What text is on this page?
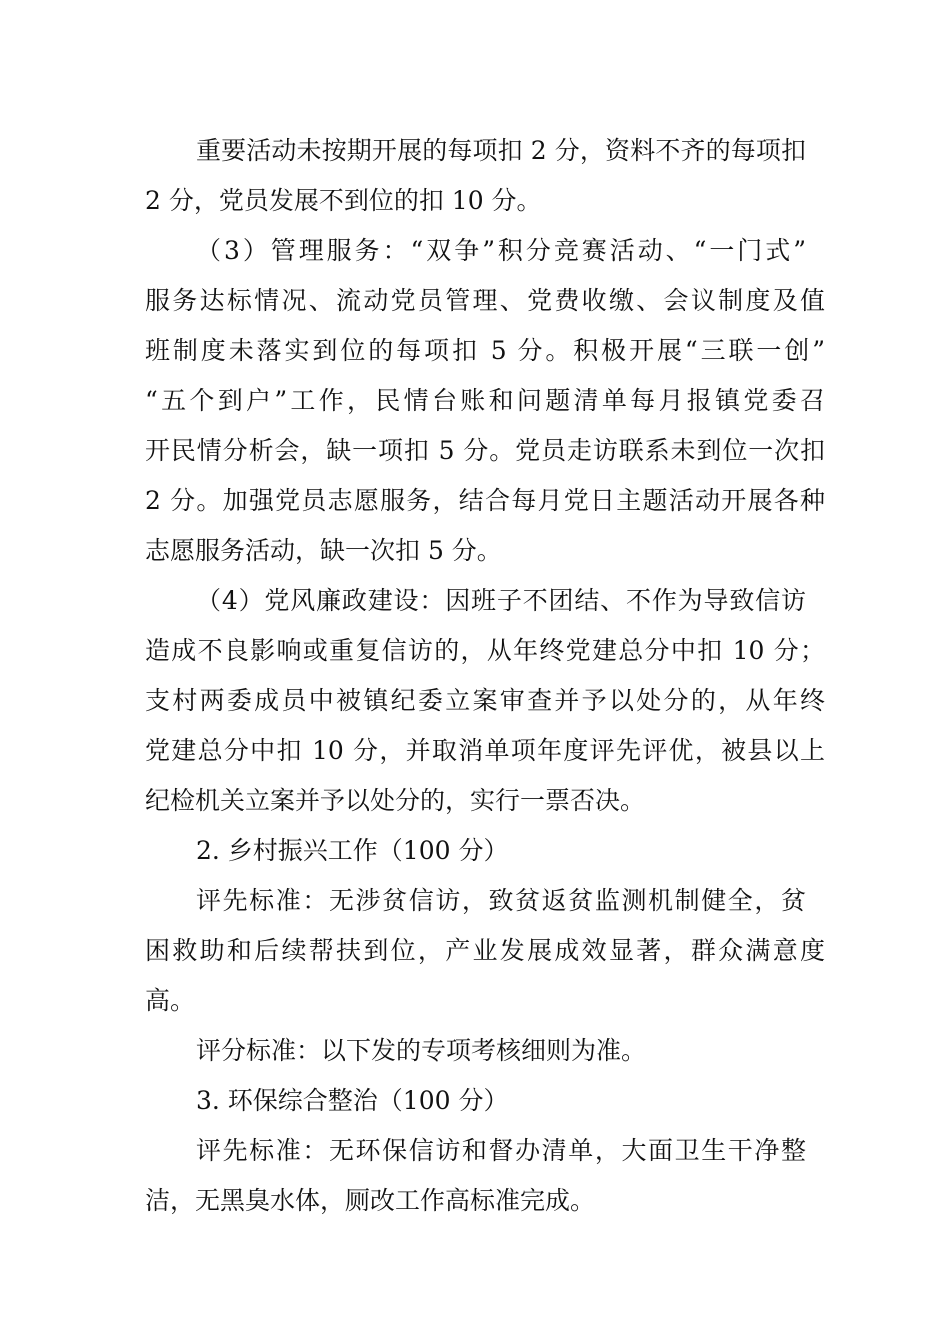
重要活动未按期开展的每项扣 2 分，资料不齐的每项扣
2 分，党员发展不到位的扣 10 分。
（3）管理服务：“双争”积分竞赛活动、“一门式”
服务达标情况、流动党员管理、党费收缴、会议制度及值
班制度未落实到位的每项扣 5 分。积极开展“三联一创”
“五个到户”工作，民情台账和问题清单每月报镇党委召
开民情分析会，缺一项扣 5 分。党员走访联系未到位一次扣
2 分。加强党员志愿服务，结合每月党日主题活动开展各种
志愿服务活动，缺一次扣 5 分。
（4）党风廉政建设：因班子不团结、不作为导致信访
造成不良影响或重复信访的，从年终党建总分中扣 10 分；
支村两委成员中被镇纪委立案审查并予以处分的，从年终
党建总分中扣 10 分，并取消单项年度评先评优，被县以上
纪检机关立案并予以处分的，实行一票否决。
2. 乡村振兴工作（100 分）
评先标准：无涉贫信访，致贫返贫监测机制健全，贫
困救助和后续帮扶到位，产业发展成效显著，群众满意度
高。
评分标准：以下发的专项考核细则为准。
3. 环保综合整治（100 分）
评先标准：无环保信访和督办清单，大面卫生干净整
洁，无黑臭水体，厕改工作高标准完成。
